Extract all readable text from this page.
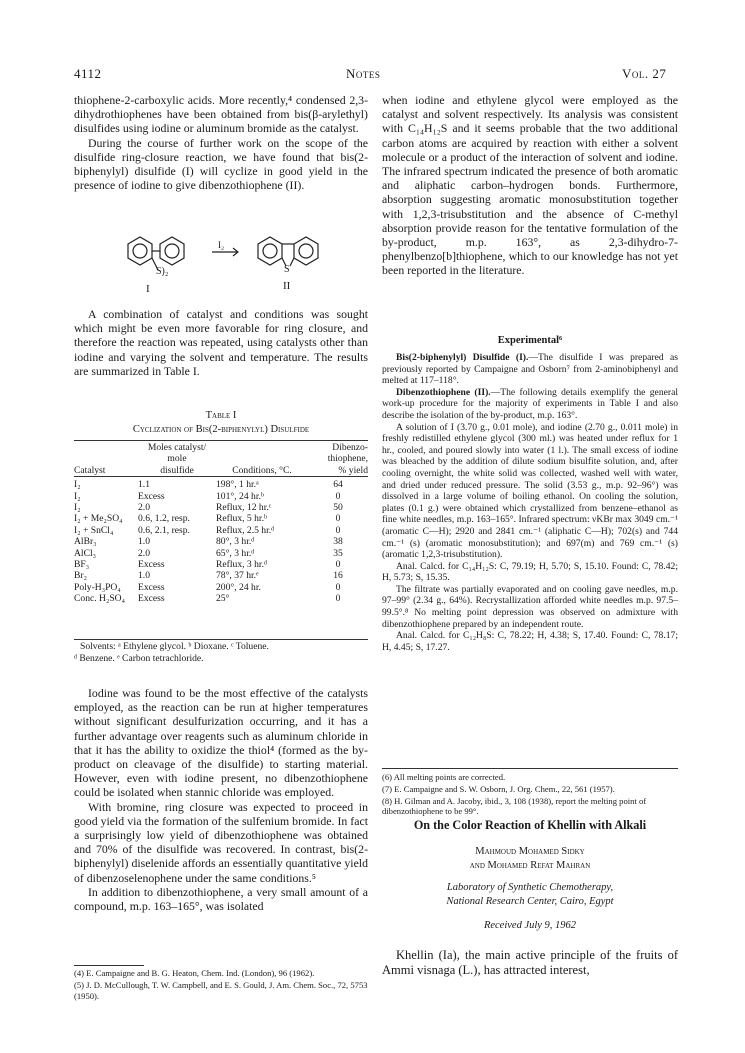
4112	Notes	Vol. 27

thiophene-2-carboxylic acids. More recently,⁴ condensed 2,3-dihydrothiophenes have been obtained from bis(β-arylethyl) disulfides using iodine or aluminum bromide as the catalyst.

During the course of further work on the scope of the disulfide ring-closure reaction, we have found that bis(2-biphenylyl) disulfide (I) will cyclize in good yield in the presence of iodine to give dibenzothiophene (II).

I₂
S)₂	S
I	II

A combination of catalyst and conditions was sought which might be even more favorable for ring closure, and therefore the reaction was repeated, using catalysts other than iodine and varying the solvent and temperature. The results are summarized in Table I.

Table I
Cyclization of Bis(2-biphenylyl) Disulfide
	Moles catalyst/		Dibenzo-
	mole		thiophene,
Catalyst	disulfide	Conditions, °C.	% yield

I₂	1.1	198°, 1 hr.ᵃ	64
I₂	Excess	101°, 24 hr.ᵇ	0
I₂	2.0	Reflux, 12 hr.ᶜ	50
I₂ + Me₂SO₄	0.6, 1.2, resp.	Reflux, 5 hr.ᵇ	0
I₂ + SnCl₄	0.6, 2.1, resp.	Reflux, 2.5 hr.ᵈ	0
AlBr₃	1.0	80°, 3 hr.ᵈ	38
AlCl₃	2.0	65°, 3 hr.ᵈ	35
BF₃	Excess	Reflux, 3 hr.ᵈ	0
Br₂	1.0	78°, 37 hr.ᵉ	16
Poly-H₃PO₄	Excess	200°, 24 hr.	0
Conc. H₂SO₄	Excess	25°	0
Solvents: ᵃ Ethylene glycol. ᵇ Dioxane. ᶜ Toluene.
ᵈ Benzene. ᵉ Carbon tetrachloride.

Iodine was found to be the most effective of the catalysts employed, as the reaction can be run at higher temperatures without significant desulfurization occurring, and it has a further advantage over reagents such as aluminum chloride in that it has the ability to oxidize the thiol⁴ (formed as the by-product on cleavage of the disulfide) to starting material. However, even with iodine present, no dibenzothiophene could be isolated when stannic chloride was employed.

With bromine, ring closure was expected to proceed in good yield via the formation of the sulfenium bromide. In fact a surprisingly low yield of dibenzothiophene was obtained and 70% of the disulfide was recovered. In contrast, bis(2-biphenylyl) diselenide affords an essentially quantitative yield of dibenzoselenophene under the same conditions.⁵

In addition to dibenzothiophene, a very small amount of a compound, m.p. 163–165°, was isolated

(4) E. Campaigne and B. G. Heaton, Chem. Ind. (London), 96 (1962).

(5) J. D. McCullough, T. W. Campbell, and E. S. Gould, J. Am. Chem. Soc., 72, 5753 (1950).

when iodine and ethylene glycol were employed as the catalyst and solvent respectively. Its analysis was consistent with C₁₄H₁₂S and it seems probable that the two additional carbon atoms are acquired by reaction with either a solvent molecule or a product of the interaction of solvent and iodine. The infrared spectrum indicated the presence of both aromatic and aliphatic carbon–hydrogen bonds. Furthermore, absorption suggesting aromatic monosubstitution together with 1,2,3-trisubstitution and the absence of C-methyl absorption provide reason for the tentative formulation of the by-product, m.p. 163°, as 2,3-dihydro-7-phenylbenzo[b]thiophene, which to our knowledge has not yet been reported in the literature.

Experimental⁶

Bis(2-biphenylyl) Disulfide (I).—The disulfide I was prepared as previously reported by Campaigne and Osborn⁷ from 2-aminobiphenyl and melted at 117–118°.

Dibenzothiophene (II).—The following details exemplify the general work-up procedure for the majority of experiments in Table I and also describe the isolation of the by-product, m.p. 163°.

A solution of I (3.70 g., 0.01 mole), and iodine (2.70 g., 0.011 mole) in freshly redistilled ethylene glycol (300 ml.) was heated under reflux for 1 hr., cooled, and poured slowly into water (1 l.). The small excess of iodine was bleached by the addition of dilute sodium bisulfite solution, and, after cooling overnight, the white solid was collected, washed well with water, and dried under reduced pressure. The solid (3.53 g., m.p. 92–96°) was dissolved in a large volume of boiling ethanol. On cooling the solution, plates (0.1 g.) were obtained which crystallized from benzene–ethanol as fine white needles, m.p. 163–165°. Infrared spectrum: νKBr max 3049 cm.⁻¹ (aromatic C—H); 2920 and 2841 cm.⁻¹ (aliphatic C—H); 702(s) and 744 cm.⁻¹ (s) (aromatic monosubstitution); and 697(m) and 769 cm.⁻¹ (s) (aromatic 1,2,3-trisubstitution).

Anal. Calcd. for C₁₄H₁₂S: C, 79.19; H, 5.70; S, 15.10. Found: C, 78.42; H, 5.73; S, 15.35.

The filtrate was partially evaporated and on cooling gave needles, m.p. 97–99° (2.34 g., 64%). Recrystallization afforded white needles m.p. 97.5–99.5°.⁸ No melting point depression was observed on admixture with dibenzothiophene prepared by an independent route.

Anal. Calcd. for C₁₂H₈S: C, 78.22; H, 4.38; S, 17.40. Found: C, 78.17; H, 4.45; S, 17.27.

(6) All melting points are corrected.

(7) E. Campaigne and S. W. Osborn, J. Org. Chem., 22, 561 (1957).

(8) H. Gilman and A. Jacoby, ibid., 3, 108 (1938), report the melting point of dibenzothiophene to be 99°.

On the Color Reaction of Khellin with Alkali
Mahmoud Mohamed Sidky
and Mohamed Refat Mahran
Laboratory of Synthetic Chemotherapy,
National Research Center, Cairo, Egypt
Received July 9, 1962

Khellin (Ia), the main active principle of the fruits of Ammi visnaga (L.), has attracted interest,
